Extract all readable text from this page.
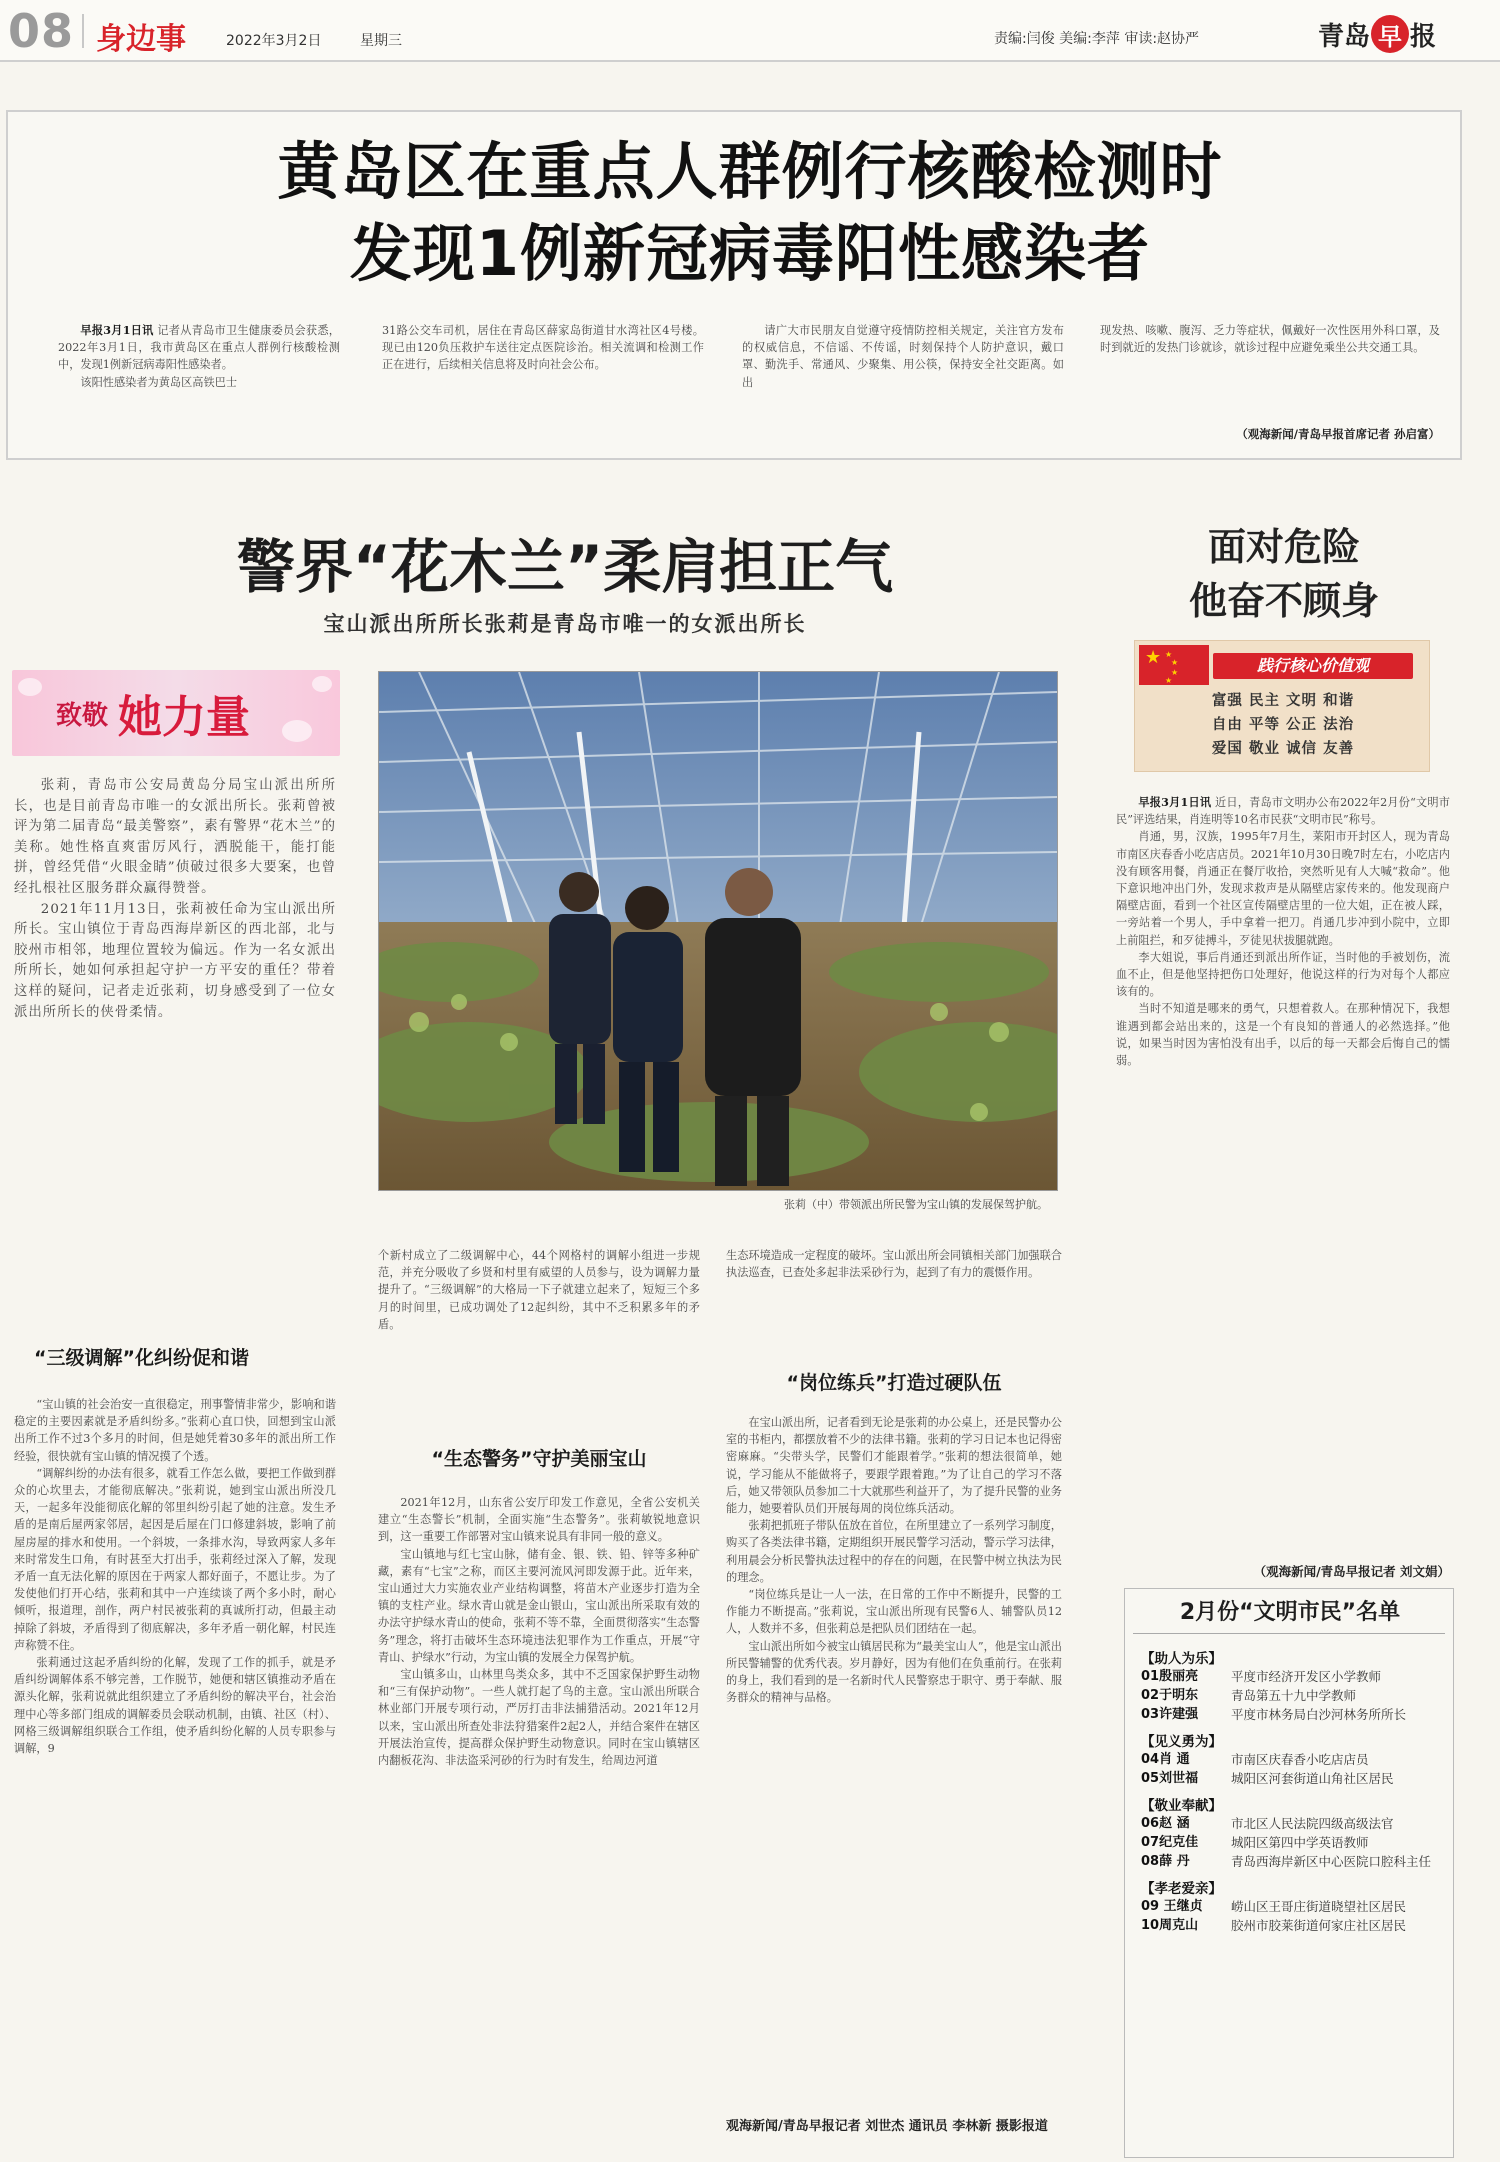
08 身边事	2022年3月2日	星期三	责编:闫俊 美编:李萍 审读:赵协严	青岛 早 报
黄岛区在重点人群例行核酸检测时
发现1例新冠病毒阳性感染者

早报3月1日讯 记者从青岛市卫生健康委员会获悉，2022年3月1日，我市黄岛区在重点人群例行核酸检测中，发现1例新冠病毒阳性感染者。

该阳性感染者为黄岛区高铁巴士

31路公交车司机，居住在青岛区薛家岛街道甘水湾社区4号楼。现已由120负压救护车送往定点医院诊治。相关流调和检测工作正在进行，后续相关信息将及时向社会公布。

请广大市民朋友自觉遵守疫情防控相关规定，关注官方发布的权威信息，不信谣、不传谣，时刻保持个人防护意识，戴口罩、勤洗手、常通风、少聚集、用公筷，保持安全社交距离。如出

现发热、咳嗽、腹泻、乏力等症状，佩戴好一次性医用外科口罩，及时到就近的发热门诊就诊，就诊过程中应避免乘坐公共交通工具。

（观海新闻/青岛早报首席记者 孙启富）
警界“花木兰”柔肩担正气
宝山派出所所长张莉是青岛市唯一的女派出所长
致敬 她力量
张莉（中）带领派出所民警为宝山镇的发展保驾护航。

张莉，青岛市公安局黄岛分局宝山派出所所长，也是目前青岛市唯一的女派出所长。张莉曾被评为第二届青岛“最美警察”，素有警界“花木兰”的美称。她性格直爽雷厉风行，洒脱能干，能打能拼，曾经凭借“火眼金睛”侦破过很多大要案，也曾经扎根社区服务群众赢得赞誉。

2021年11月13日，张莉被任命为宝山派出所所长。宝山镇位于青岛西海岸新区的西北部，北与胶州市相邻，地理位置较为偏远。作为一名女派出所所长，她如何承担起守护一方平安的重任？带着这样的疑问，记者走近张莉，切身感受到了一位女派出所所长的侠骨柔情。

“三级调解”化纠纷促和谐

“宝山镇的社会治安一直很稳定，刑事警情非常少，影响和谐稳定的主要因素就是矛盾纠纷多。”张莉心直口快，回想到宝山派出所工作不过3个多月的时间，但是她凭着30多年的派出所工作经验，很快就有宝山镇的情况摸了个透。

“调解纠纷的办法有很多，就看工作怎么做，要把工作做到群众的心坎里去，才能彻底解决。”张莉说，她到宝山派出所没几天，一起多年没能彻底化解的邻里纠纷引起了她的注意。发生矛盾的是南后屋两家邻居，起因是后屋在门口修建斜坡，影响了前屋房屋的排水和使用。一个斜坡，一条排水沟，导致两家人多年来时常发生口角，有时甚至大打出手，张莉经过深入了解，发现矛盾一直无法化解的原因在于两家人都好面子，不愿让步。为了发使他们打开心结，张莉和其中一户连续谈了两个多小时，耐心倾听，报道理，剖作，两户村民被张莉的真诚所打动，但最主动掉除了斜坡，矛盾得到了彻底解决，多年矛盾一朝化解，村民连声称赞不住。

张莉通过这起矛盾纠纷的化解，发现了工作的抓手，就是矛盾纠纷调解体系不够完善，工作脱节，她便和辖区镇推动矛盾在源头化解，张莉说就此组织建立了矛盾纠纷的解决平台，社会治理中心等多部门组成的调解委员会联动机制，由镇、社区（村）、网格三级调解组织联合工作组，使矛盾纠纷化解的人员专职参与调解，9

个新村成立了二级调解中心，44个网格村的调解小组进一步规范，并充分吸收了乡贤和村里有威望的人员参与，设为调解力量提升了。“三级调解”的大格局一下子就建立起来了，短短三个多月的时间里，已成功调处了12起纠纷，其中不乏积累多年的矛盾。

“生态警务”守护美丽宝山

2021年12月，山东省公安厅印发工作意见，全省公安机关建立“生态警长”机制，全面实施“生态警务”。张莉敏锐地意识到，这一重要工作部署对宝山镇来说具有非同一般的意义。

宝山镇地与红七宝山脉，储有金、银、铁、铅、锌等多种矿藏，素有“七宝”之称，而区主要河流风河即发源于此。近年来，宝山通过大力实施农业产业结构调整，将苗木产业逐步打造为全镇的支柱产业。绿水青山就是金山银山，宝山派出所采取有效的办法守护绿水青山的使命，张莉不等不靠，全面贯彻落实“生态警务”理念，将打击破坏生态环境违法犯罪作为工作重点，开展“守青山、护绿水”行动，为宝山镇的发展全力保驾护航。

宝山镇多山，山林里鸟类众多，其中不乏国家保护野生动物和“三有保护动物”。一些人就打起了鸟的主意。宝山派出所联合林业部门开展专项行动，严厉打击非法捕猎活动。2021年12月以来，宝山派出所查处非法狩猎案件2起2人，并结合案件在辖区开展法治宣传，提高群众保护野生动物意识。同时在宝山镇辖区内翻板花沟、非法盗采河砂的行为时有发生，给周边河道

生态环境造成一定程度的破坏。宝山派出所会同镇相关部门加强联合执法巡查，已查处多起非法采砂行为，起到了有力的震慑作用。

“岗位练兵”打造过硬队伍

在宝山派出所，记者看到无论是张莉的办公桌上，还是民警办公室的书柜内，都摆放着不少的法律书籍。张莉的学习日记本也记得密密麻麻。“尖带头学，民警们才能跟着学。”张莉的想法很简单，她说，学习能从不能做将子，要跟学跟着跑。”为了让自己的学习不落后，她又带领队员参加二十大就那些利益开了，为了提升民警的业务能力，她要着队员们开展每周的岗位练兵活动。

张莉把抓班子带队伍放在首位，在所里建立了一系列学习制度，购买了各类法律书籍，定期组织开展民警学习活动，警示学习法律，利用晨会分析民警执法过程中的存在的问题，在民警中树立执法为民的理念。

“岗位练兵是让一人一法，在日常的工作中不断提升，民警的工作能力不断提高。”张莉说，宝山派出所现有民警6人、辅警队员12人，人数并不多，但张莉总是把队员们团结在一起。

宝山派出所如今被宝山镇居民称为“最美宝山人”，他是宝山派出所民警辅警的优秀代表。岁月静好，因为有他们在负重前行。在张莉的身上，我们看到的是一名新时代人民警察忠于职守、勇于奉献、服务群众的精神与品格。

观海新闻/青岛早报记者 刘世杰 通讯员 李林新 摄影报道
面对危险
他奋不顾身
★ ★
★
★
★
践行核心价值观
富强 民主 文明 和谐
自由 平等 公正 法治
爱国 敬业 诚信 友善

早报3月1日讯 近日，青岛市文明办公布2022年2月份“文明市民”评选结果，肖连明等10名市民获“文明市民”称号。

肖通，男，汉族，1995年7月生，莱阳市开封区人，现为青岛市南区庆春香小吃店店员。2021年10月30日晚7时左右，小吃店内没有顾客用餐，肖通正在餐厅收拾，突然听见有人大喊“救命”。他下意识地冲出门外，发现求救声是从隔壁店家传来的。他发现商户隔壁店面，看到一个社区宣传隔壁店里的一位大姐，正在被人踩，一旁站着一个男人，手中拿着一把刀。肖通几步冲到小院中，立即上前阻拦，和歹徒搏斗，歹徒见状拔腿就跑。

李大姐说，事后肖通还到派出所作证，当时他的手被划伤，流血不止，但是他坚持把伤口处理好，他说这样的行为对每个人都应该有的。

当时不知道是哪来的勇气，只想着救人。在那种情况下，我想谁遇到都会站出来的，这是一个有良知的普通人的必然选择。”他说，如果当时因为害怕没有出手，以后的每一天都会后悔自己的懦弱。

（观海新闻/青岛早报记者 刘文娟）
2月份“文明市民”名单
【助人为乐】
01殷丽亮	平度市经济开发区小学教师
02于明东	青岛第五十九中学教师
03许建强	平度市林务局白沙河林务所所长
【见义勇为】
04肖 通	市南区庆春香小吃店店员
05刘世福	城阳区河套街道山角社区居民
【敬业奉献】
06赵 涵	市北区人民法院四级高级法官
07纪克佳	城阳区第四中学英语教师
08薛 丹	青岛西海岸新区中心医院口腔科主任
【孝老爱亲】
09 王继贞	崂山区王哥庄街道晓望社区居民
10周克山	胶州市胶莱街道何家庄社区居民
